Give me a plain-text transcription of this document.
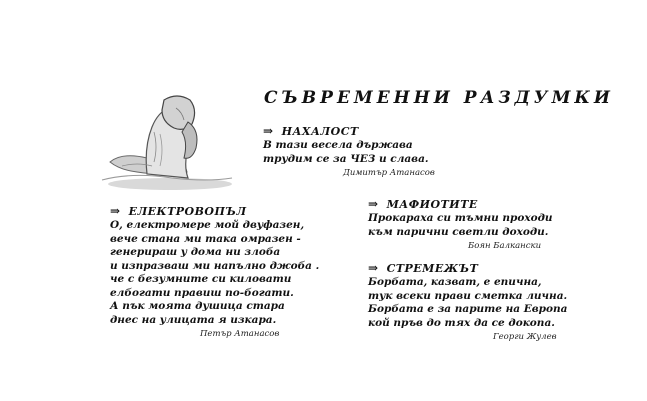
СЪВРЕМЕННИ РАЗДУМКИ
⇒ НАХАЛОСТ
В тази весела държава
трудим се за ЧЕЗ и слава.
Димитър Атанасов
⇒ ЕЛЕКТРОВОПЪЛ
О, електромере мой двуфазен,
вече стана ми така омразен -
генерираш у дома ни злоба
и изпразваш ми напълно джоба .
че с безумните си киловати
елбогати правиш по-богати.
А пък моята душица стара
днес на улицата я изкара.
Петър Атанасов
⇒ МАФИОТИТЕ
Прокараха си тъмни проходи
към парични светли доходи.
Боян Балкански
⇒ СТРЕМЕЖЪТ
Борбата, казват, е епична,
тук всеки прави сметка лична.
Борбата е за парите на Европа
кой пръв до тях да се докопа.
Георги Жулев
